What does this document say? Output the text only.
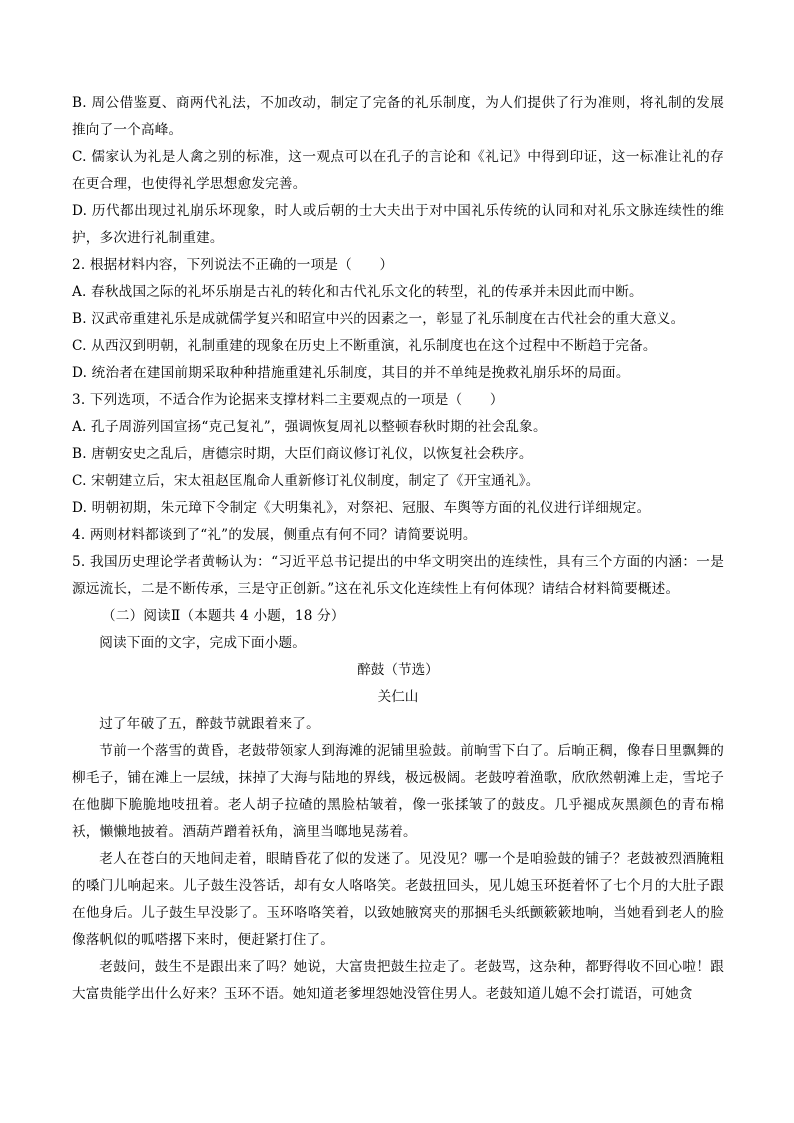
B. 周公借鉴夏、商两代礼法，不加改动，制定了完备的礼乐制度，为人们提供了行为准则，将礼制的发展推向了一个高峰。

C. 儒家认为礼是人禽之别的标准，这一观点可以在孔子的言论和《礼记》中得到印证，这一标准让礼的存在更合理，也使得礼学思想愈发完善。

D. 历代都出现过礼崩乐坏现象，时人或后朝的士大夫出于对中国礼乐传统的认同和对礼乐文脉连续性的维护，多次进行礼制重建。

2. 根据材料内容，下列说法不正确的一项是（　　）

A. 春秋战国之际的礼坏乐崩是古礼的转化和古代礼乐文化的转型，礼的传承并未因此而中断。

B. 汉武帝重建礼乐是成就儒学复兴和昭宣中兴的因素之一，彰显了礼乐制度在古代社会的重大意义。

C. 从西汉到明朝，礼制重建的现象在历史上不断重演，礼乐制度也在这个过程中不断趋于完备。

D. 统治者在建国前期采取种种措施重建礼乐制度，其目的并不单纯是挽救礼崩乐坏的局面。

3. 下列选项，不适合作为论据来支撑材料二主要观点的一项是（　　）

A. 孔子周游列国宣扬“克己复礼”，强调恢复周礼以整顿春秋时期的社会乱象。

B. 唐朝安史之乱后，唐德宗时期，大臣们商议修订礼仪，以恢复社会秩序。

C. 宋朝建立后，宋太祖赵匡胤命人重新修订礼仪制度，制定了《开宝通礼》。

D. 明朝初期，朱元璋下令制定《大明集礼》，对祭祀、冠服、车舆等方面的礼仪进行详细规定。

4. 两则材料都谈到了“礼”的发展，侧重点有何不同？请简要说明。

5. 我国历史理论学者黄畅认为：“习近平总书记提出的中华文明突出的连续性，具有三个方面的内涵：一是源远流长，二是不断传承，三是守正创新。”这在礼乐文化连续性上有何体现？请结合材料简要概述。

（二）阅读Ⅱ（本题共 4 小题，18 分）

阅读下面的文字，完成下面小题。

醉鼓（节选）

关仁山

过了年破了五，醉鼓节就跟着来了。

节前一个落雪的黄昏，老鼓带领家人到海滩的泥铺里验鼓。前晌雪下白了。后晌正稠，像春日里飘舞的柳毛子，铺在滩上一层绒，抹掉了大海与陆地的界线，极远极阔。老鼓哼着渔歌，欣欣然朝滩上走，雪坨子在他脚下脆脆地吱扭着。老人胡子拉碴的黑脸枯皱着，像一张揉皱了的鼓皮。几乎褪成灰黑颜色的青布棉袄，懒懒地披着。酒葫芦蹭着袄角，滴里当啷地晃荡着。

老人在苍白的天地间走着，眼睛昏花了似的发迷了。见没见？哪一个是咱验鼓的铺子？老鼓被烈酒腌粗的嗓门儿响起来。儿子鼓生没答话，却有女人咯咯笑。老鼓扭回头，见儿媳玉环挺着怀了七个月的大肚子跟在他身后。儿子鼓生早没影了。玉环咯咯笑着，以致她腋窝夹的那捆毛头纸颤簌簌地响，当她看到老人的脸像落帆似的呱嗒撂下来时，便赶紧打住了。

老鼓问，鼓生不是跟出来了吗？她说，大富贵把鼓生拉走了。老鼓骂，这杂种，都野得收不回心啦！跟大富贵能学出什么好来？玉环不语。她知道老爹埋怨她没管住男人。老鼓知道儿媳不会打谎语，可她贪
